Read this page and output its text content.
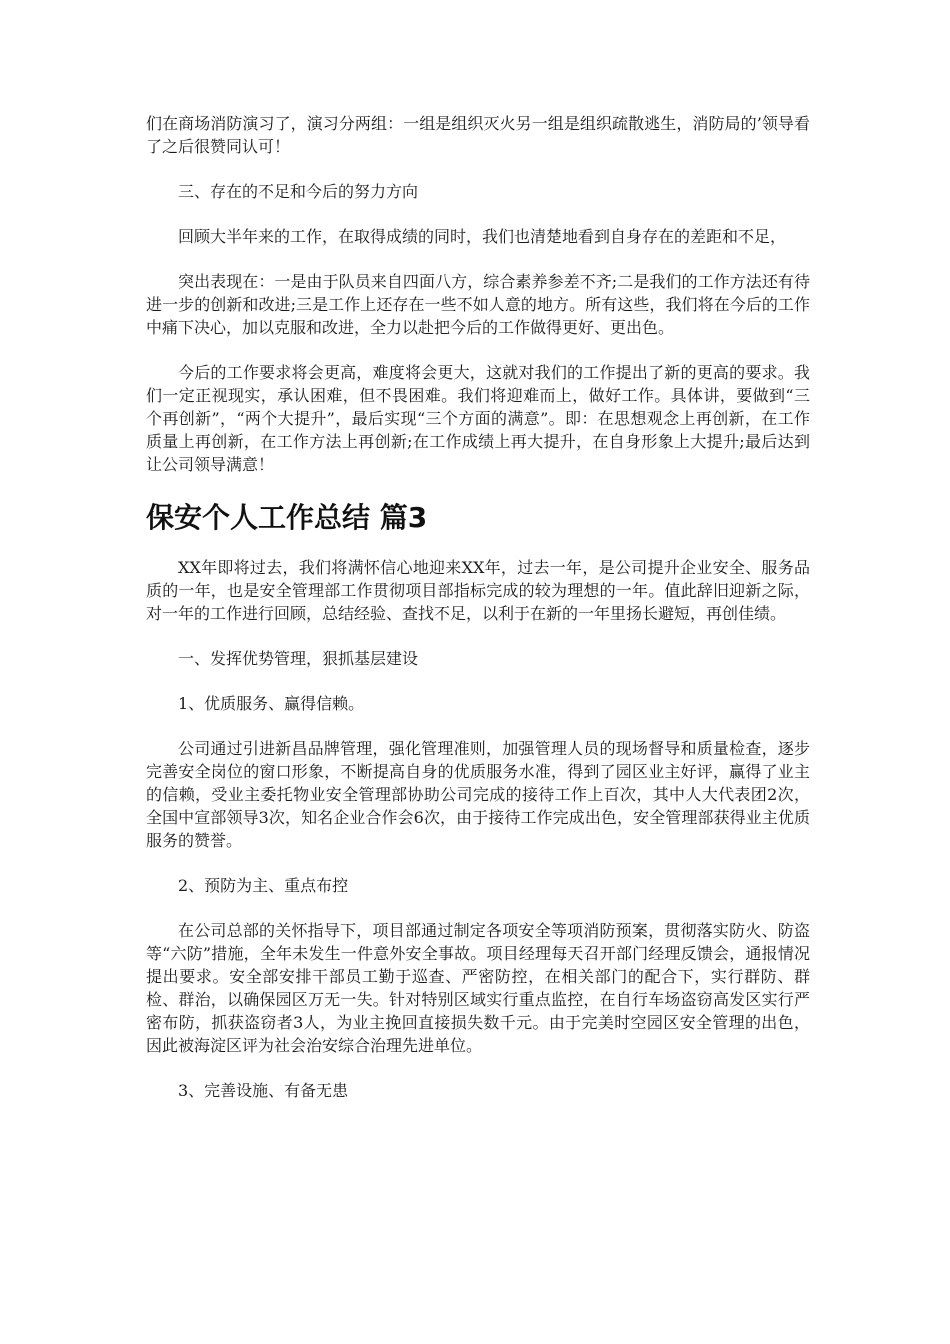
们在商场消防演习了，演习分两组：一组是组织灭火另一组是组织疏散逃生，消防局的’领导看了之后很赞同认可！

三、存在的不足和今后的努力方向

回顾大半年来的工作，在取得成绩的同时，我们也清楚地看到自身存在的差距和不足，

突出表现在：一是由于队员来自四面八方，综合素养参差不齐;二是我们的工作方法还有待进一步的创新和改进;三是工作上还存在一些不如人意的地方。所有这些，我们将在今后的工作中痛下决心，加以克服和改进，全力以赴把今后的工作做得更好、更出色。

今后的工作要求将会更高，难度将会更大，这就对我们的工作提出了新的更高的要求。我们一定正视现实，承认困难，但不畏困难。我们将迎难而上，做好工作。具体讲，要做到“三个再创新”，“两个大提升”，最后实现“三个方面的满意”。即：在思想观念上再创新，在工作质量上再创新，在工作方法上再创新;在工作成绩上再大提升，在自身形象上大提升;最后达到让公司领导满意！

保安个人工作总结 篇3

XX年即将过去，我们将满怀信心地迎来XX年，过去一年，是公司提升企业安全、服务品质的一年，也是安全管理部工作贯彻项目部指标完成的较为理想的一年。值此辞旧迎新之际，对一年的工作进行回顾，总结经验、查找不足，以利于在新的一年里扬长避短，再创佳绩。

一、发挥优势管理，狠抓基层建设

1、优质服务、赢得信赖。

公司通过引进新昌品牌管理，强化管理准则，加强管理人员的现场督导和质量检查，逐步完善安全岗位的窗口形象，不断提高自身的优质服务水准，得到了园区业主好评，赢得了业主的信赖，受业主委托物业安全管理部协助公司完成的接待工作上百次，其中人大代表团2次，全国中宣部领导3次，知名企业合作会6次，由于接待工作完成出色，安全管理部获得业主优质服务的赞誉。

2、预防为主、重点布控

在公司总部的关怀指导下，项目部通过制定各项安全等项消防预案，贯彻落实防火、防盗等“六防”措施，全年未发生一件意外安全事故。项目经理每天召开部门经理反馈会，通报情况提出要求。安全部安排干部员工勤于巡查、严密防控，在相关部门的配合下，实行群防、群检、群治，以确保园区万无一失。针对特别区域实行重点监控，在自行车场盗窃高发区实行严密布防，抓获盗窃者3人，为业主挽回直接损失数千元。由于完美时空园区安全管理的出色，因此被海淀区评为社会治安综合治理先进单位。

3、完善设施、有备无患
